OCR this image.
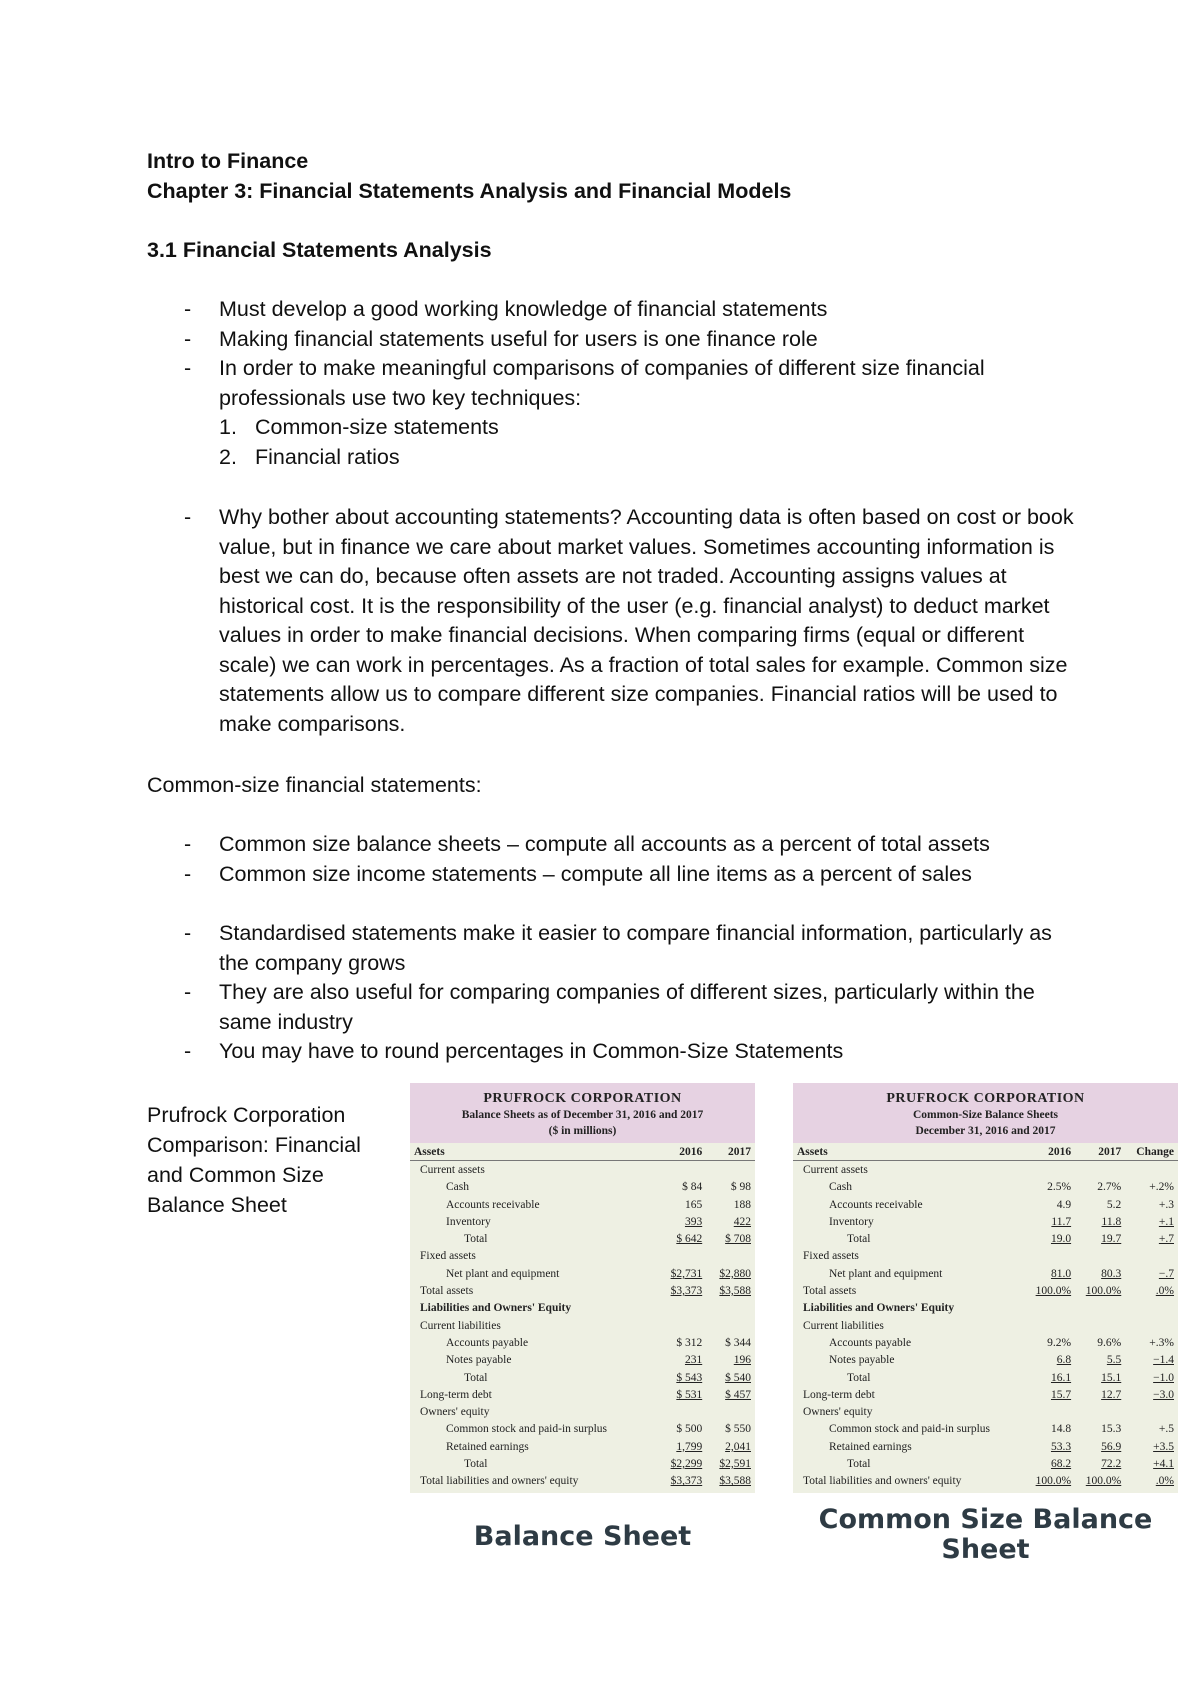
Intro to Finance
Chapter 3: Financial Statements Analysis and Financial Models
3.1 Financial Statements Analysis
- Must develop a good working knowledge of financial statements
- Making financial statements useful for users is one finance role
- In order to make meaningful comparisons of companies of different size financial professionals use two key techniques:
1. Common-size statements
2. Financial ratios
- Why bother about accounting statements? Accounting data is often based on cost or book value, but in finance we care about market values. Sometimes accounting information is best we can do, because often assets are not traded. Accounting assigns values at historical cost. It is the responsibility of the user (e.g. financial analyst) to deduct market values in order to make financial decisions. When comparing firms (equal or different scale) we can work in percentages. As a fraction of total sales for example. Common size statements allow us to compare different size companies. Financial ratios will be used to make comparisons.
Common-size financial statements:
- Common size balance sheets – compute all accounts as a percent of total assets
- Common size income statements – compute all line items as a percent of sales
- Standardised statements make it easier to compare financial information, particularly as the company grows
- They are also useful for comparing companies of different sizes, particularly within the same industry
- You may have to round percentages in Common-Size Statements
Prufrock Corporation Comparison: Financial and Common Size Balance Sheet
PRUFROCK CORPORATION
Balance Sheets as of December 31, 2016 and 2017
($ in millions)
Assets	2016	2017
Current assets		
Cash	$ 84	$ 98
Accounts receivable	165	188
Inventory	393	422
Total	$ 642	$ 708
Fixed assets		
Net plant and equipment	$2,731	$2,880
Total assets	$3,373	$3,588
Liabilities and Owners' Equity		
Current liabilities		
Accounts payable	$ 312	$ 344
Notes payable	231	196
Total	$ 543	$ 540
Long-term debt	$ 531	$ 457
Owners' equity		
Common stock and paid-in surplus	$ 500	$ 550
Retained earnings	1,799	2,041
Total	$2,299	$2,591
Total liabilities and owners' equity	$3,373	$3,588
Balance Sheet
PRUFROCK CORPORATION
Common-Size Balance Sheets
December 31, 2016 and 2017
Assets	2016	2017	Change
Current assets			
Cash	2.5%	2.7%	+.2%
Accounts receivable	4.9	5.2	+.3
Inventory	11.7	11.8	+.1
Total	19.0	19.7	+.7
Fixed assets			
Net plant and equipment	81.0	80.3	−.7
Total assets	100.0%	100.0%	.0%
Liabilities and Owners' Equity			
Current liabilities			
Accounts payable	9.2%	9.6%	+.3%
Notes payable	6.8	5.5	−1.4
Total	16.1	15.1	−1.0
Long-term debt	15.7	12.7	−3.0
Owners' equity			
Common stock and paid-in surplus	14.8	15.3	+.5
Retained earnings	53.3	56.9	+3.5
Total	68.2	72.2	+4.1
Total liabilities and owners' equity	100.0%	100.0%	.0%
Common Size Balance
Sheet
